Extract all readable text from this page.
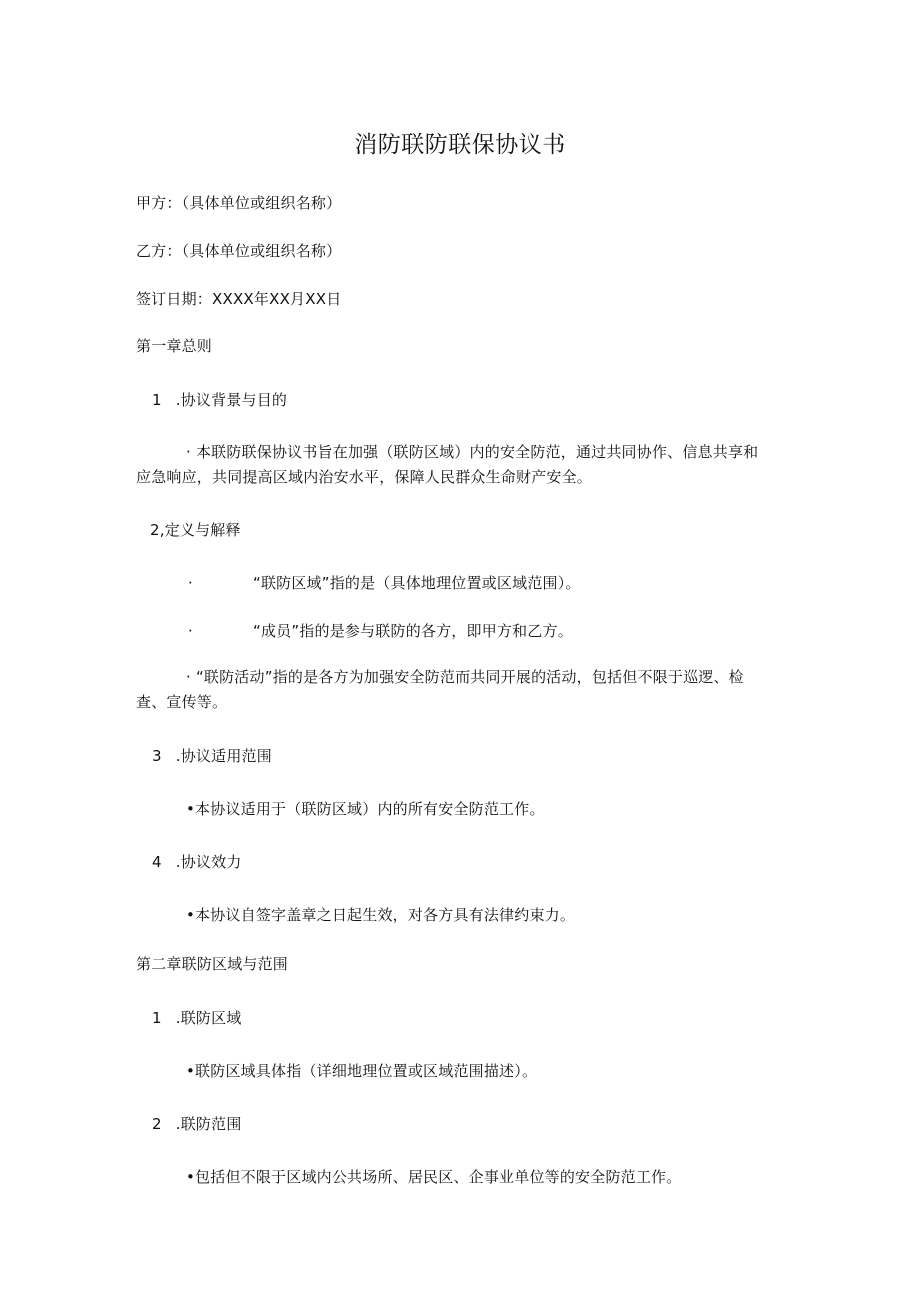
消防联防联保协议书
甲方：（具体单位或组织名称）
乙方：（具体单位或组织名称）
签订日期：XXXX年XX月XX日
第一章总则
1 .协议背景与目的
· 本联防联保协议书旨在加强（联防区域）内的安全防范，通过共同协作、信息共享和
应急响应，共同提高区域内治安水平，保障人民群众生命财产安全。
2,定义与解释
·	“联防区域”指的是（具体地理位置或区域范围）。
·	“成员”指的是参与联防的各方，即甲方和乙方。
· “联防活动”指的是各方为加强安全防范而共同开展的活动，包括但不限于巡逻、检
查、宣传等。
3 .协议适用范围
•本协议适用于（联防区域）内的所有安全防范工作。
4 .协议效力
•本协议自签字盖章之日起生效，对各方具有法律约束力。
第二章联防区域与范围
1 .联防区域
•联防区域具体指（详细地理位置或区域范围描述）。
2 .联防范围
•包括但不限于区域内公共场所、居民区、企事业单位等的安全防范工作。
